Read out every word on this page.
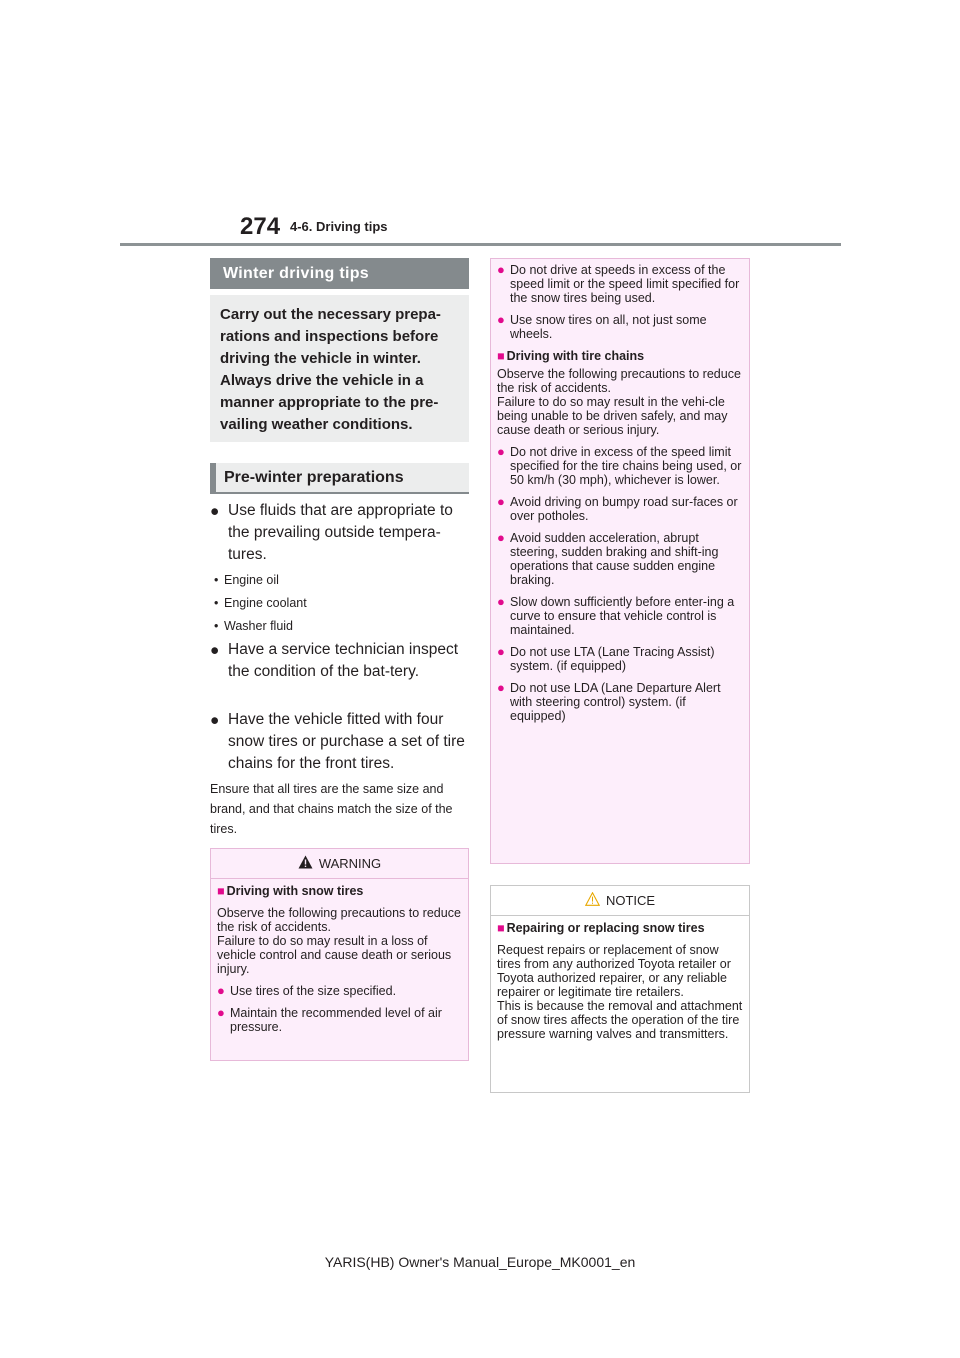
274 4-6. Driving tips
Winter driving tips
Carry out the necessary prepa-
rations and inspections before
driving the vehicle in winter.
Always drive the vehicle in a
manner appropriate to the pre-
vailing weather conditions.
Pre-winter preparations
● Use fluids that are appropriate to the prevailing outside tempera-tures.
• Engine oil
• Engine coolant
• Washer fluid
● Have a service technician inspect the condition of the bat-tery.
● Have the vehicle fitted with four snow tires or purchase a set of tire chains for the front tires.
Ensure that all tires are the same size and brand, and that chains match the size of the tires.
WARNING

■ Driving with snow tires

Observe the following precautions to reduce the risk of accidents.
Failure to do so may result in a loss of vehicle control and cause death or serious injury.

● Use tires of the size specified.
● Maintain the recommended level of air pressure.
● Do not drive at speeds in excess of the speed limit or the speed limit specified for the snow tires being used.
● Use snow tires on all, not just some wheels.

■ Driving with tire chains

Observe the following precautions to reduce the risk of accidents.
Failure to do so may result in the vehi-cle being unable to be driven safely, and may cause death or serious injury.

● Do not drive in excess of the speed limit specified for the tire chains being used, or 50 km/h (30 mph), whichever is lower.
● Avoid driving on bumpy road sur-faces or over potholes.
● Avoid sudden acceleration, abrupt steering, sudden braking and shift-ing operations that cause sudden engine braking.
● Slow down sufficiently before enter-ing a curve to ensure that vehicle control is maintained.
● Do not use LTA (Lane Tracing Assist) system. (if equipped)
● Do not use LDA (Lane Departure Alert with steering control) system. (if equipped)
NOTICE

■ Repairing or replacing snow tires

Request repairs or replacement of snow tires from any authorized Toyota retailer or Toyota authorized repairer, or any reliable repairer or legitimate tire retailers.
This is because the removal and attachment of snow tires affects the operation of the tire pressure warning valves and transmitters.

YARIS(HB) Owner's Manual_Europe_MK0001_en
